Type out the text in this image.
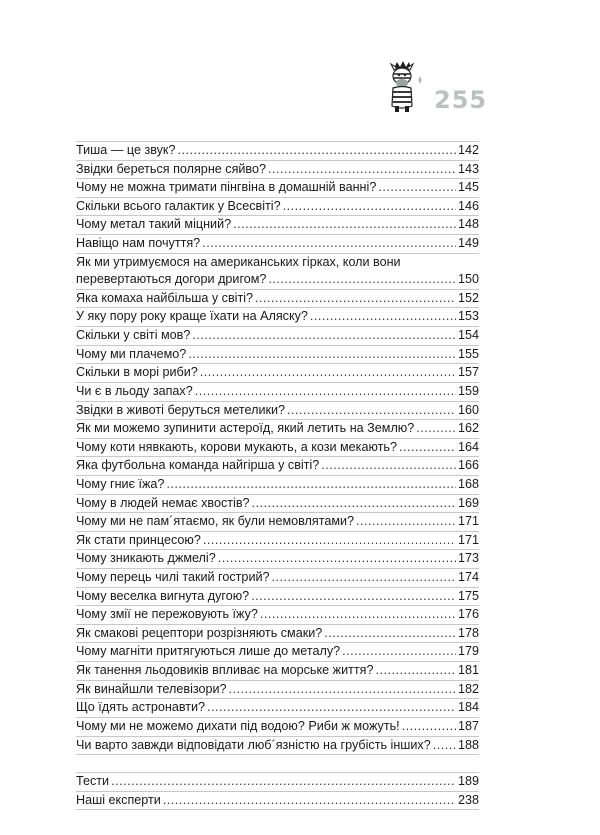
255
Тиша — це звук? .....	142
Звідки береться полярне сяйво? .....	143
Чому не можна тримати пінгвіна в домашній ванні? .....	145
Скільки всього галактик у Всесвіті? .....	146
Чому метал такий міцний? .....	148
Навіщо нам почуття? .....	149
Як ми утримуємося на американських гірках, коли вони
перевертаються догори дригом? .....	150
Яка комаха найбільша у світі? .....	152
У яку пору року краще їхати на Аляску? .....	153
Скільки у світі мов? .....	154
Чому ми плачемо? .....	155
Скільки в морі риби? .....	157
Чи є в льоду запах? .....	159
Звідки в животі беруться метелики? .....	160
Як ми можемо зупинити астероїд, який летить на Землю? .....	162
Чому коти нявкають, корови мукають, а кози мекають? .....	164
Яка футбольна команда найгірша у світі? .....	166
Чому гниє їжа? .....	168
Чому в людей немає хвостів? .....	169
Чому ми не пам´ятаємо, як були немовлятами? .....	171
Як стати принцесою? .....	171
Чому зникають джмелі? .....	173
Чому перець чилі такий гострий? .....	174
Чому веселка вигнута дугою? .....	175
Чому змії не пережовують їжу? .....	176
Як смакові рецептори розрізняють смаки? .....	178
Чому магніти притягуються лише до металу? .....	179
Як танення льодовиків впливає на морське життя? .....	181
Як винайшли телевізори? .....	182
Що їдять астронавти? .....	184
Чому ми не можемо дихати під водою? Риби ж можуть! .....	187
Чи варто завжди відповідати люб´язністю на грубість інших? ..... 188
Тести .....	189
Наші експерти .....	238
